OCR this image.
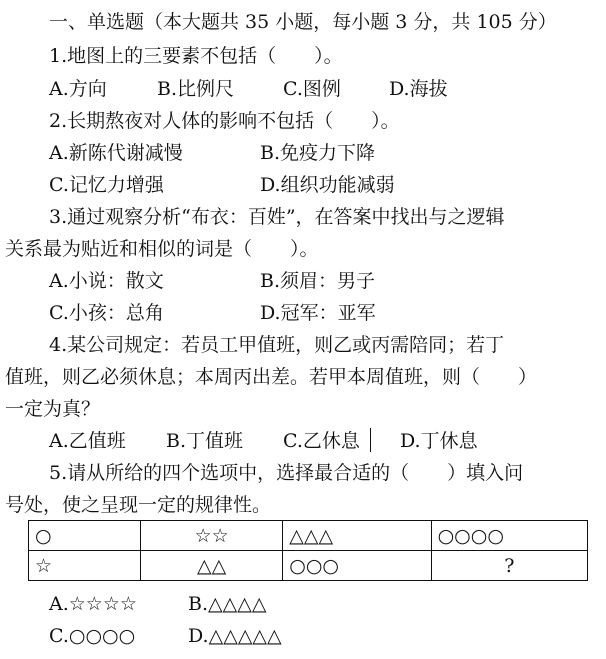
一、单选题（本大题共 35 小题，每小题 3 分，共 105 分）
1.地图上的三要素不包括（　　）。
A.方向	B.比例尺	C.图例	D.海拔
2.长期熬夜对人体的影响不包括（　　）。
A.新陈代谢减慢	B.免疫力下降
C.记忆力增强	D.组织功能减弱
3.通过观察分析“布衣：百姓”，在答案中找出与之逻辑
关系最为贴近和相似的词是（　　）。
A.小说：散文	B.须眉：男子
C.小孩：总角	D.冠军：亚军
4.某公司规定：若员工甲值班，则乙或丙需陪同；若丁
值班，则乙必须休息；本周丙出差。若甲本周值班，则（　　）
一定为真？
A.乙值班 B.丁值班 C.乙休息 D.丁休息
5.请从所给的四个选项中，选择最合适的（　　）填入问
号处，使之呈现一定的规律性。
○	☆☆	△△△	○○○○
☆	△△	○○○	?
A.☆☆☆☆	B.△△△△
C.○○○○	D.△△△△△
